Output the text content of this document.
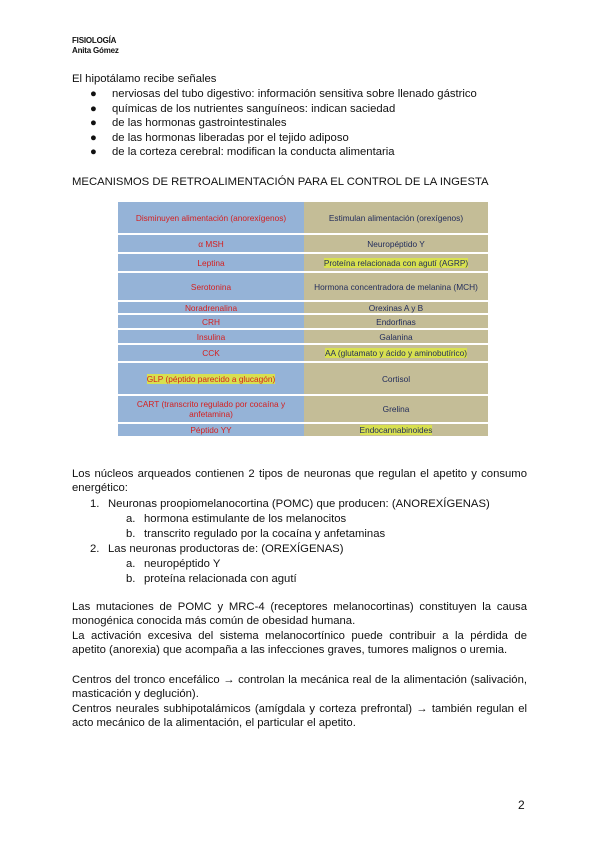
FISIOLOGÍA
Anita Gómez
El hipotálamo recibe señales
● nerviosas del tubo digestivo: información sensitiva sobre llenado gástrico
● químicas de los nutrientes sanguíneos: indican saciedad
● de las hormonas gastrointestinales
● de las hormonas liberadas por el tejido adiposo
● de la corteza cerebral: modifican la conducta alimentaria
MECANISMOS DE RETROALIMENTACIÓN PARA EL CONTROL DE LA INGESTA
Disminuyen alimentación (anorexígenos)	Estimulan alimentación (orexígenos)
α MSH	Neuropéptido Y
Leptina	Proteína relacionada con agutí (AGRP)
Serotonina	Hormona concentradora de melanina (MCH)
Noradrenalina	Orexinas A y B
CRH	Endorfinas
Insulina	Galanina
CCK	AA (glutamato y ácido y aminobutírico)
GLP (péptido parecido a glucagón)	Cortisol
CART (transcrito regulado por cocaína y anfetamina)	Grelina
Péptido YY	Endocannabinoides
Los núcleos arqueados contienen 2 tipos de neuronas que regulan el apetito y consumo energético:
1. Neuronas proopiomelanocortina (POMC) que producen: (ANOREXÍGENAS)
a. hormona estimulante de los melanocitos
b. transcrito regulado por la cocaína y anfetaminas
2. Las neuronas productoras de: (OREXÍGENAS)
a. neuropéptido Y
b. proteína relacionada con agutí
Las mutaciones de POMC y MRC-4 (receptores melanocortinas) constituyen la causa monogénica conocida más común de obesidad humana.
La activación excesiva del sistema melanocortínico puede contribuir a la pérdida de apetito (anorexia) que acompaña a las infecciones graves, tumores malignos o uremia.
Centros del tronco encefálico → controlan la mecánica real de la alimentación (salivación, masticación y deglución).
Centros neurales subhipotalámicos (amígdala y corteza prefrontal) → también regulan el acto mecánico de la alimentación, el particular el apetito.
2
